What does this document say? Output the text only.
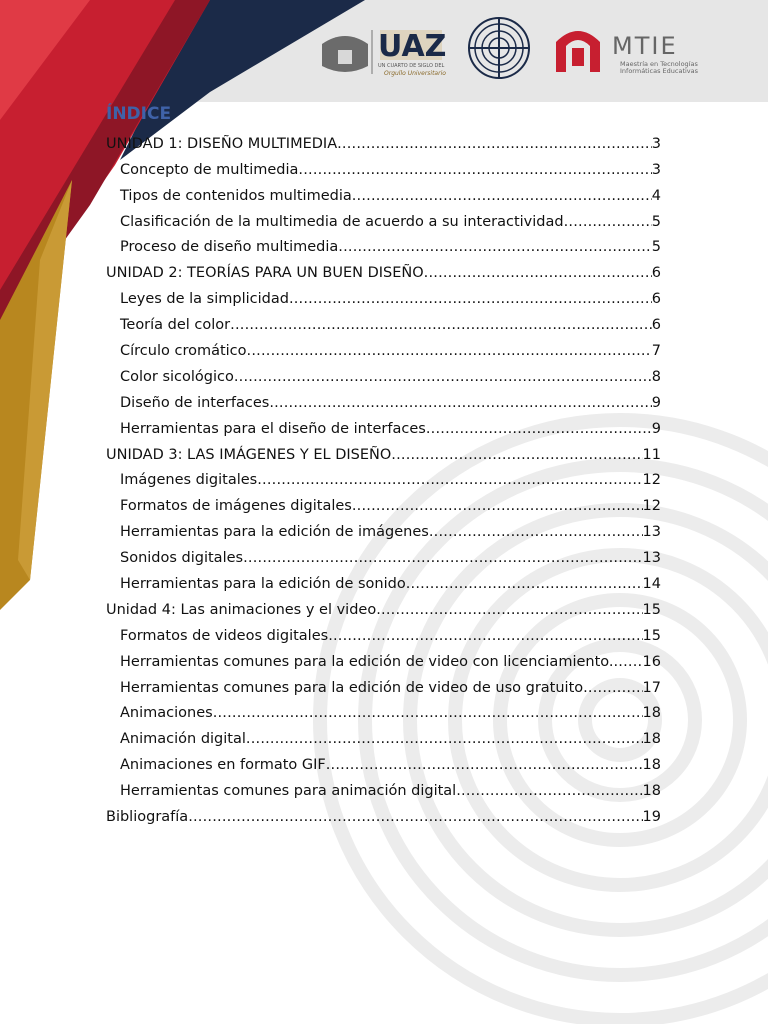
UAZ
UN CUARTO DE SIGLO DEL
Orgullo Universitario
MTIE
Maestría en Tecnologías
Informáticas Educativas
ÍNDICE
UNIDAD 1: DISEÑO MULTIMEDIA .....	3
Concepto de multimedia .....	3
Tipos de contenidos multimedia .....	4
Clasificación de la multimedia de acuerdo a su interactividad .....	5
Proceso de diseño multimedia .....	5
UNIDAD 2: TEORÍAS PARA UN BUEN DISEÑO .....	6
Leyes de la simplicidad .....	6
Teoría del color .....	6
Círculo cromático .....	7
Color sicológico .....	8
Diseño de interfaces .....	9
Herramientas para el diseño de interfaces .....	9
UNIDAD 3: LAS IMÁGENES Y EL DISEÑO .....	11
Imágenes digitales .....	12
Formatos de imágenes digitales .....	12
Herramientas para la edición de imágenes .....	13
Sonidos digitales .....	13
Herramientas para la edición de sonido .....	14
Unidad 4: Las animaciones y el video .....	15
Formatos de videos digitales .....	15
Herramientas comunes para la edición de video con licenciamiento. ..... 16
Herramientas comunes para la edición de video de uso gratuito .....	17
Animaciones .....	18
Animación digital .....	18
Animaciones en formato GIF .....	18
Herramientas comunes para animación digital .....	18
Bibliografía .....	19
